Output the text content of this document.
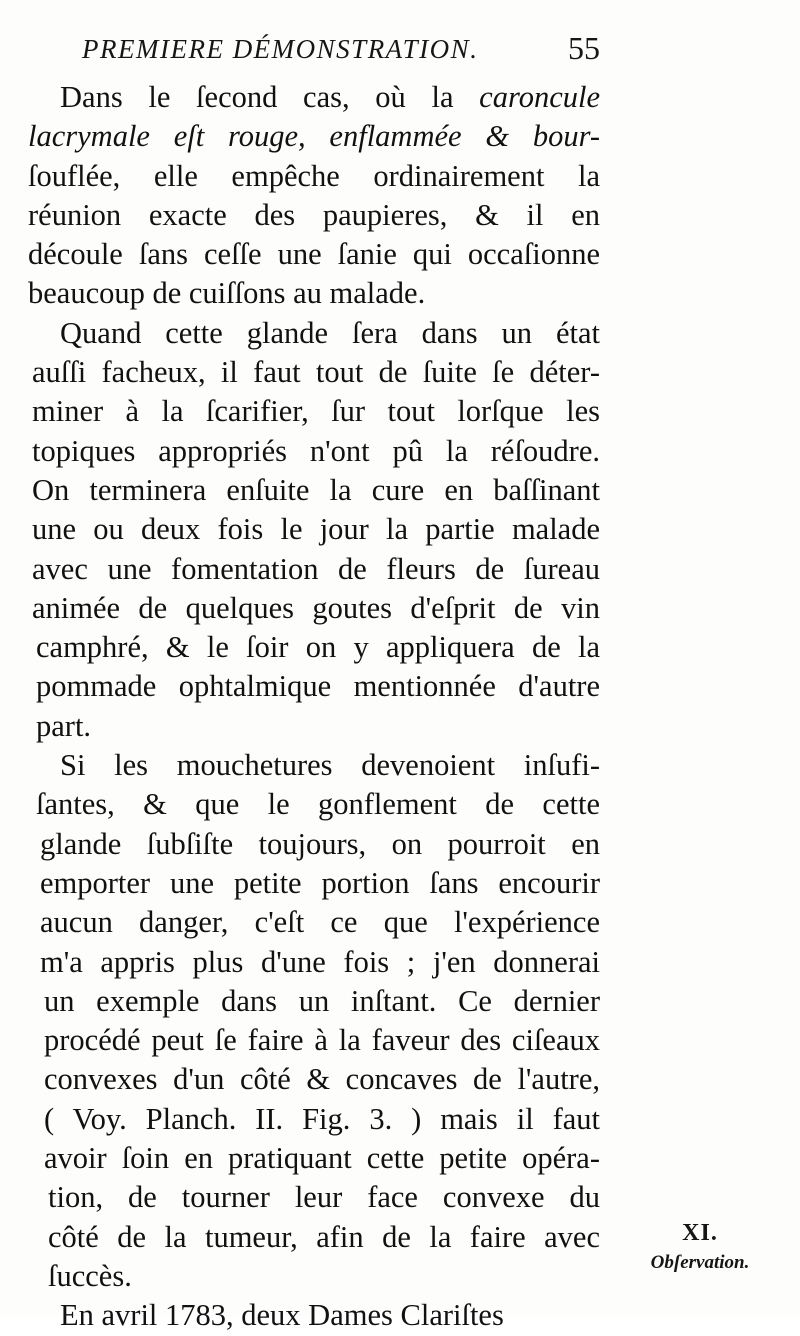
PREMIERE DÉMONSTRATION.	55
Dans le ſecond cas, où la caroncule
lacrymale eſt rouge, enflammée & bour-
ſouflée, elle empêche ordinairement la
réunion exacte des paupieres, & il en
découle ſans ceſſe une ſanie qui occaſionne
beaucoup de cuiſſons au malade.
Quand cette glande ſera dans un état
auſſi facheux, il faut tout de ſuite ſe déter-
miner à la ſcarifier, ſur tout lorſque les
topiques appropriés n'ont pû la réſoudre.
On terminera enſuite la cure en baſſinant
une ou deux fois le jour la partie malade
avec une fomentation de fleurs de ſureau
animée de quelques goutes d'eſprit de vin
camphré, & le ſoir on y appliquera de la
pommade ophtalmique mentionnée d'autre
part.
Si les mouchetures devenoient inſufi-
ſantes, & que le gonflement de cette
glande ſubſiſte toujours, on pourroit en
emporter une petite portion ſans encourir
aucun danger, c'eſt ce que l'expérience
m'a appris plus d'une fois ; j'en donnerai
un exemple dans un inſtant. Ce dernier
procédé peut ſe faire à la faveur des ciſeaux
convexes d'un côté & concaves de l'autre,
( Voy. Planch. II. Fig. 3. ) mais il faut
avoir ſoin en pratiquant cette petite opéra-
tion, de tourner leur face convexe du
côté de la tumeur, afin de la faire avec
ſuccès.
En avril 1783, deux Dames Clariſtes
XI.
Obſervation.
